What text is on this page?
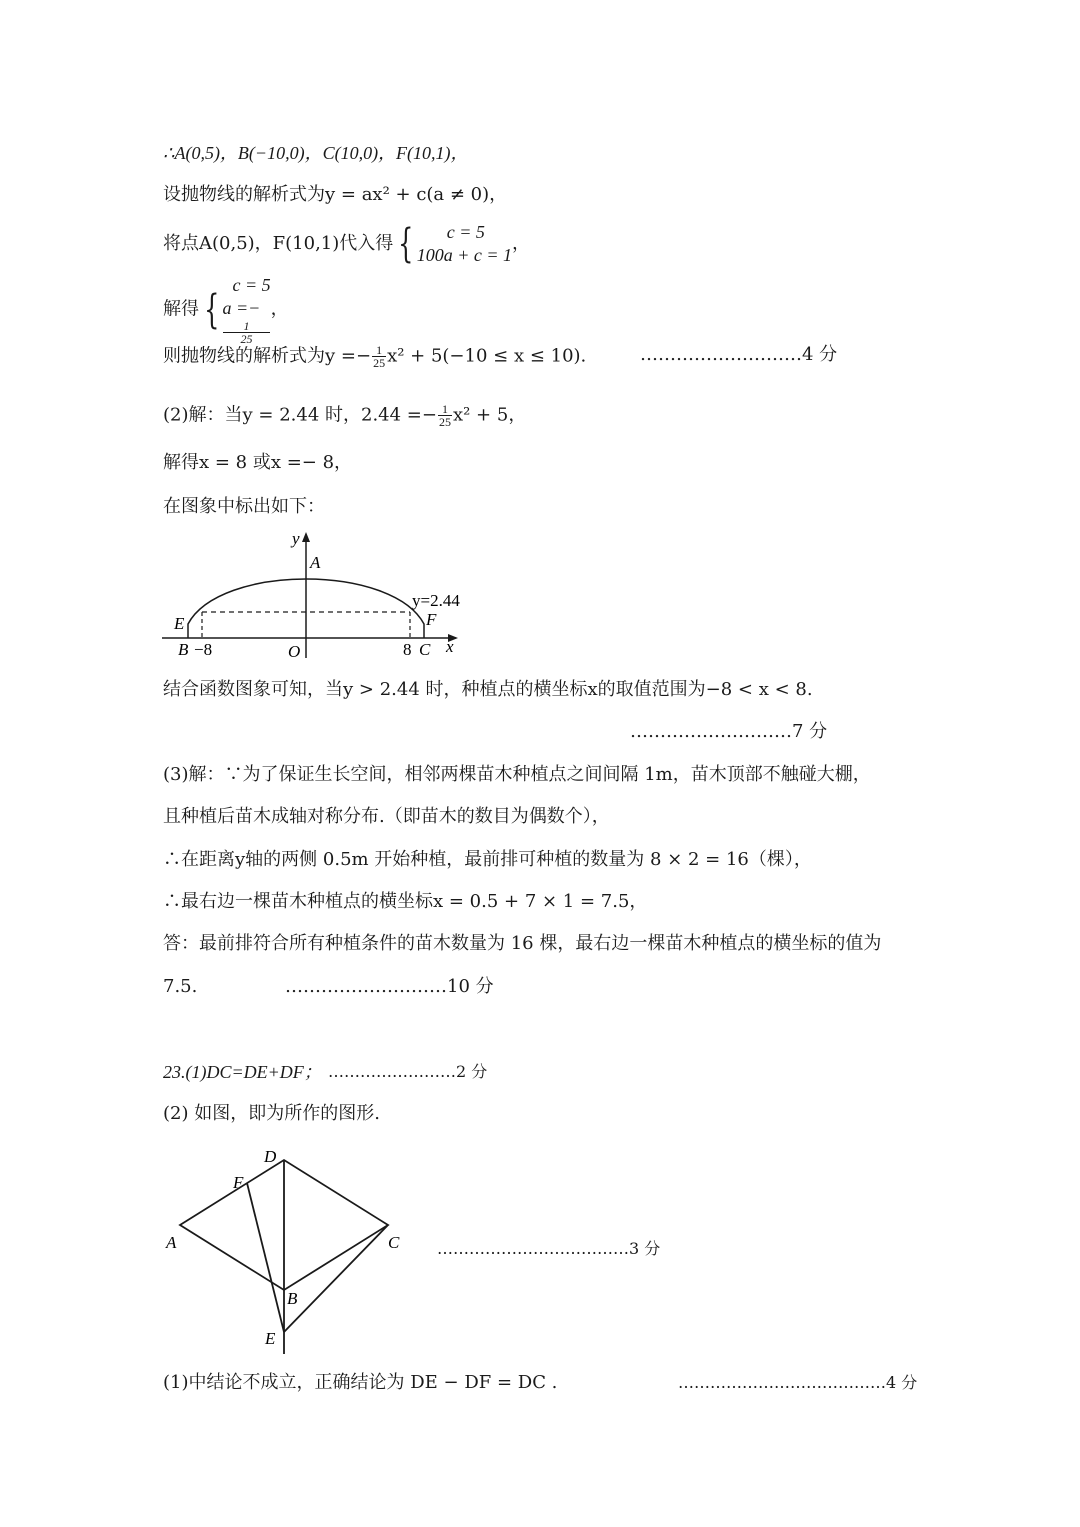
∴A(0,5)，B(−10,0)，C(10,0)，F(10,1)，
设抛物线的解析式为y = ax² + c(a ≠ 0)，
将点A(0,5)，F(10,1)代入得 {	c = 5
100a + c = 1
，
解得 {
c = 5
a =−
1
25
，
则抛物线的解析式为$y =- \frac{1}{25} x^2 + 5(-10 \le x \le 10)$.	………………………4 分
(2)解：当y = 2.44 时，$2.44 =- \frac{1}{25} x^2 + 5$，
解得x = 8 或x =− 8，
在图象中标出如下：
y
A
E	F
y=2.44
B −8	O	8 C x
结合函数图象可知，当y > 2.44 时，种植点的横坐标x的取值范围为−8 < x < 8.
………………………7 分
(3)解：∵为了保证生长空间，相邻两棵苗木种植点之间间隔 1m，苗木顶部不触碰大棚，
且种植后苗木成轴对称分布.（即苗木的数目为偶数个），
∴在距离y轴的两侧 0.5m 开始种植，最前排可种植的数量为 8 × 2 = 16（棵），
∴最右边一棵苗木种植点的横坐标x = 0.5 + 7 × 1 = 7.5，
答：最前排符合所有种植条件的苗木数量为 16 棵，最右边一棵苗木种植点的横坐标的值为
7.5.	………………………10 分
23.(1)DC=DE+DF； ……………………2 分
(2) 如图，即为所作的图形.
D
F
A	C
B
E
………………………………3 分
(1)中结论不成立，正确结论为 DE − DF = DC .	…………………………………4 分
